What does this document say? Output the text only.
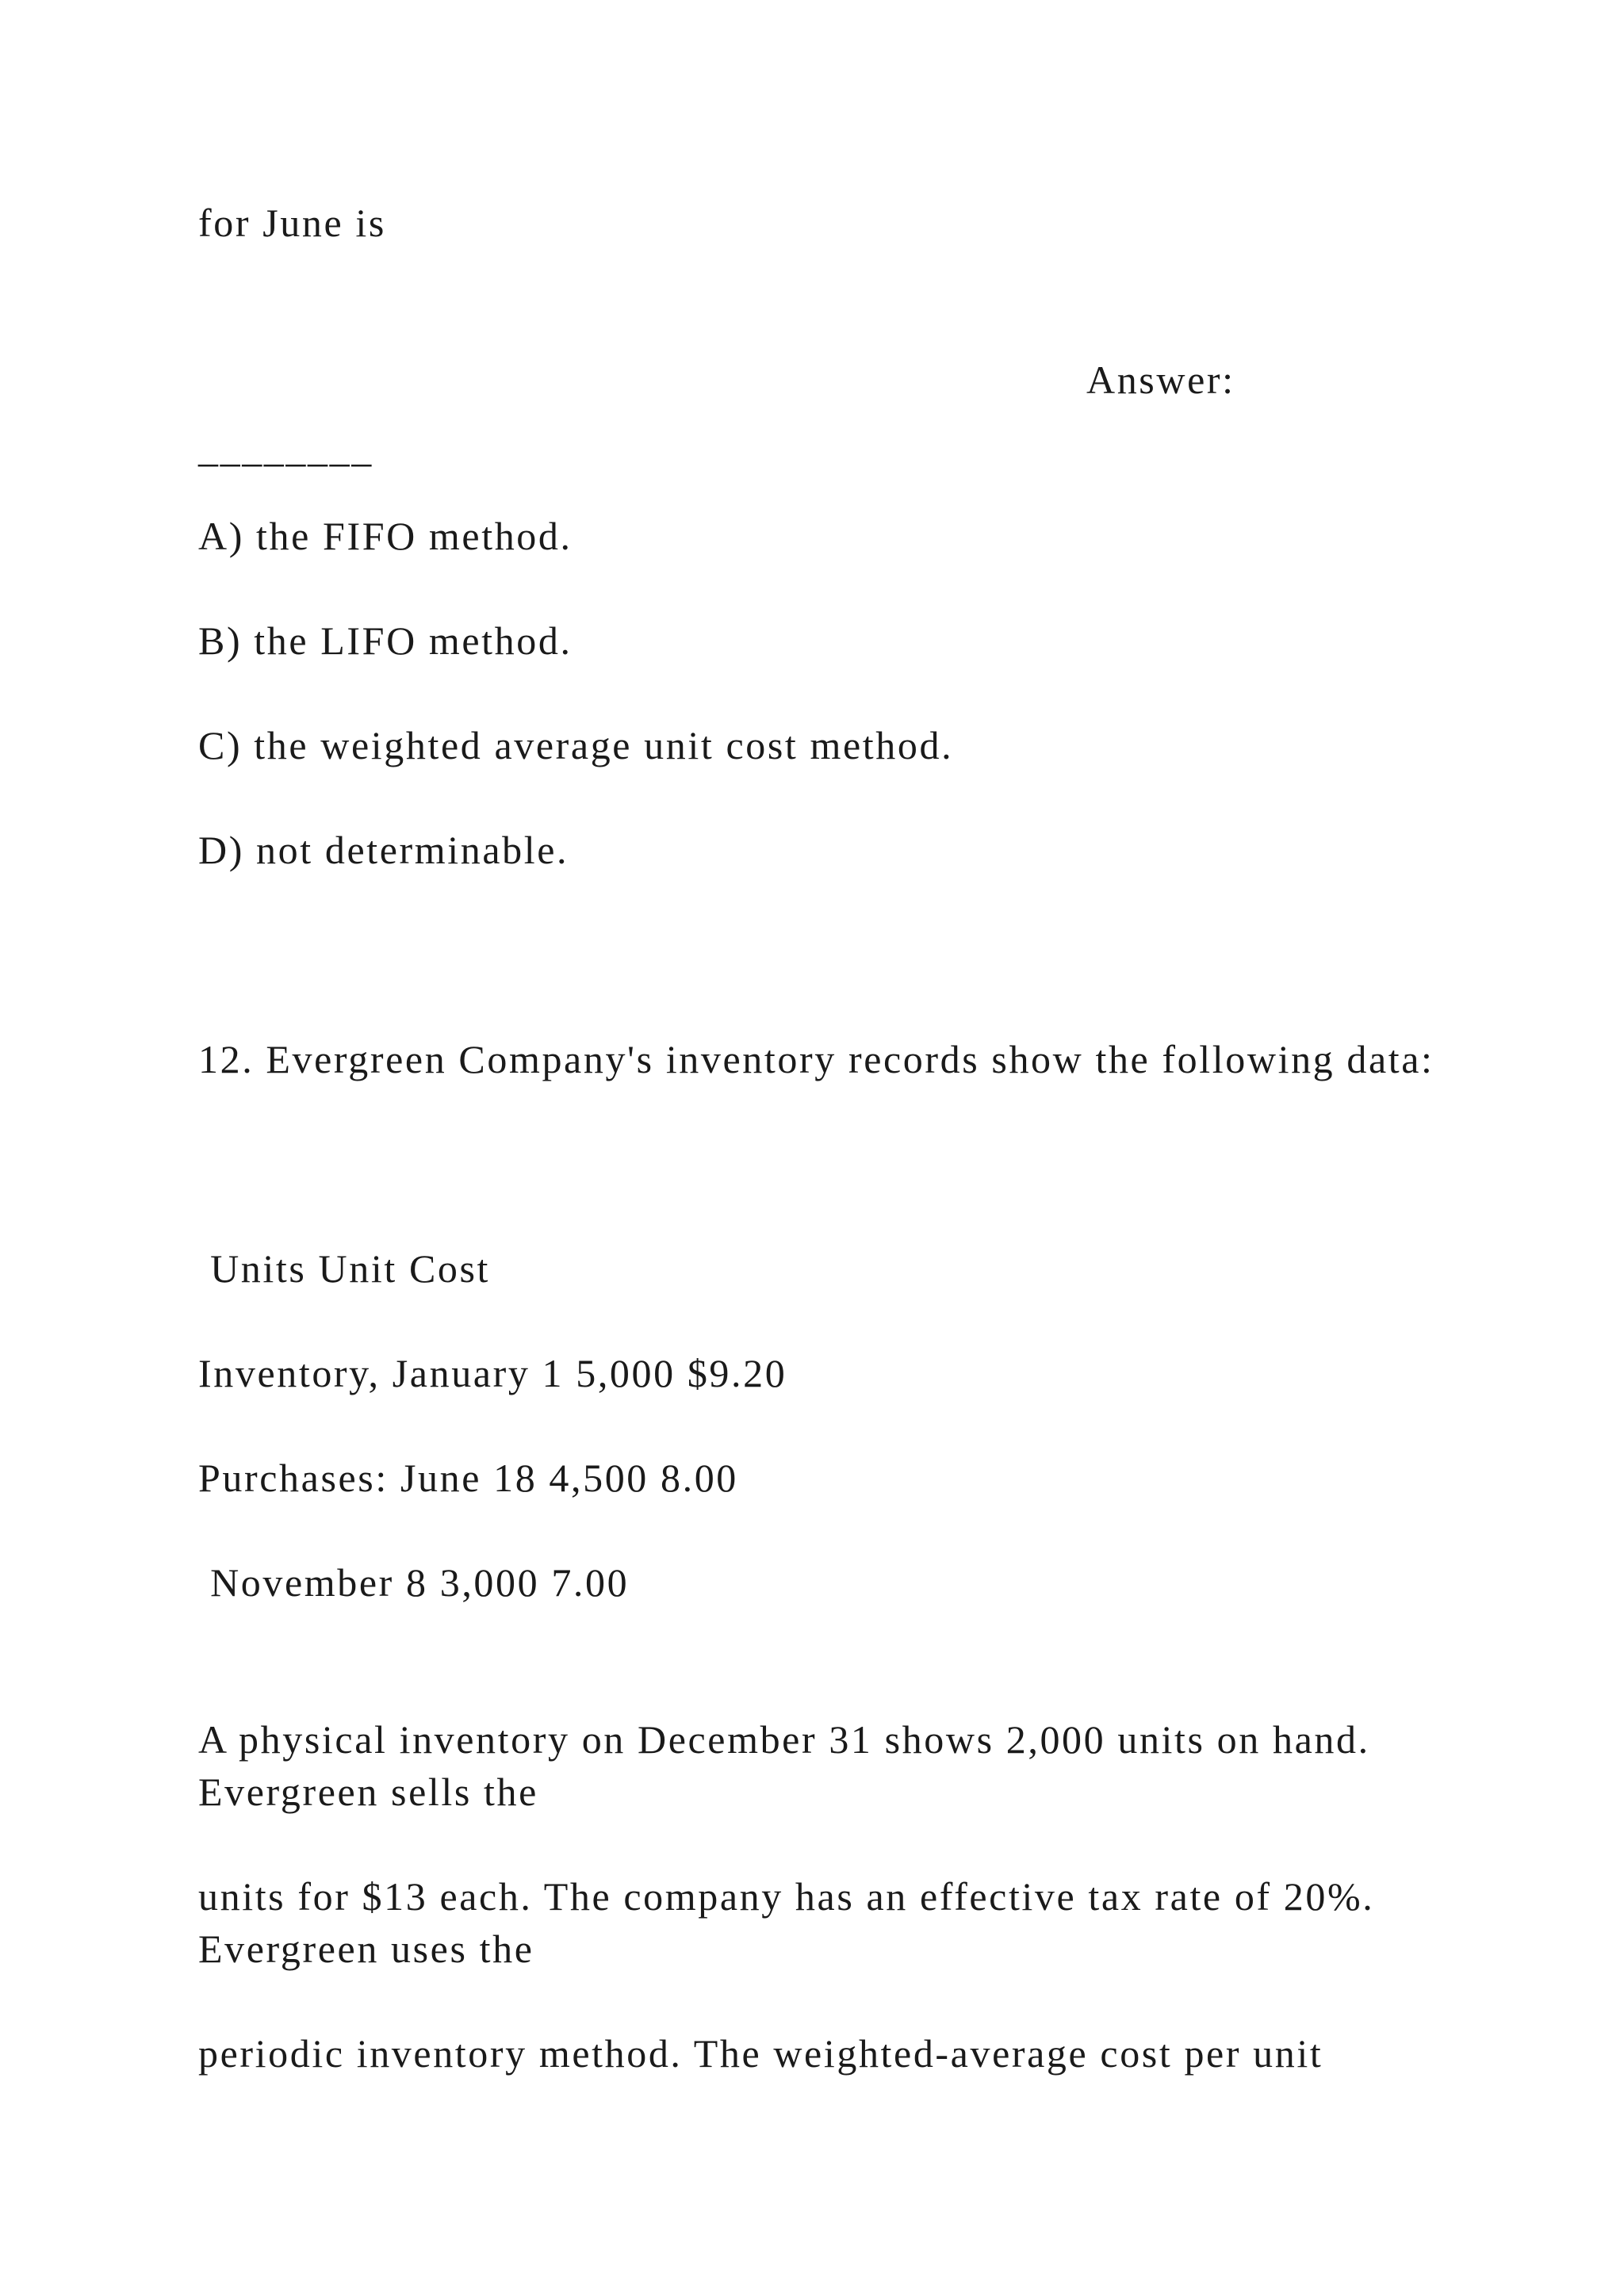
for June is
Answer:
________
A) the FIFO method.
B) the LIFO method.
C) the weighted average unit cost method.
D) not determinable.
12. Evergreen Company's inventory records show the following data:
Units Unit Cost
Inventory, January 1 5,000 $9.20
Purchases: June 18 4,500 8.00
November 8 3,000 7.00
A physical inventory on December 31 shows 2,000 units on hand. Evergreen sells the
units for $13 each. The company has an effective tax rate of 20%. Evergreen uses the
periodic inventory method. The weighted-average cost per unit
